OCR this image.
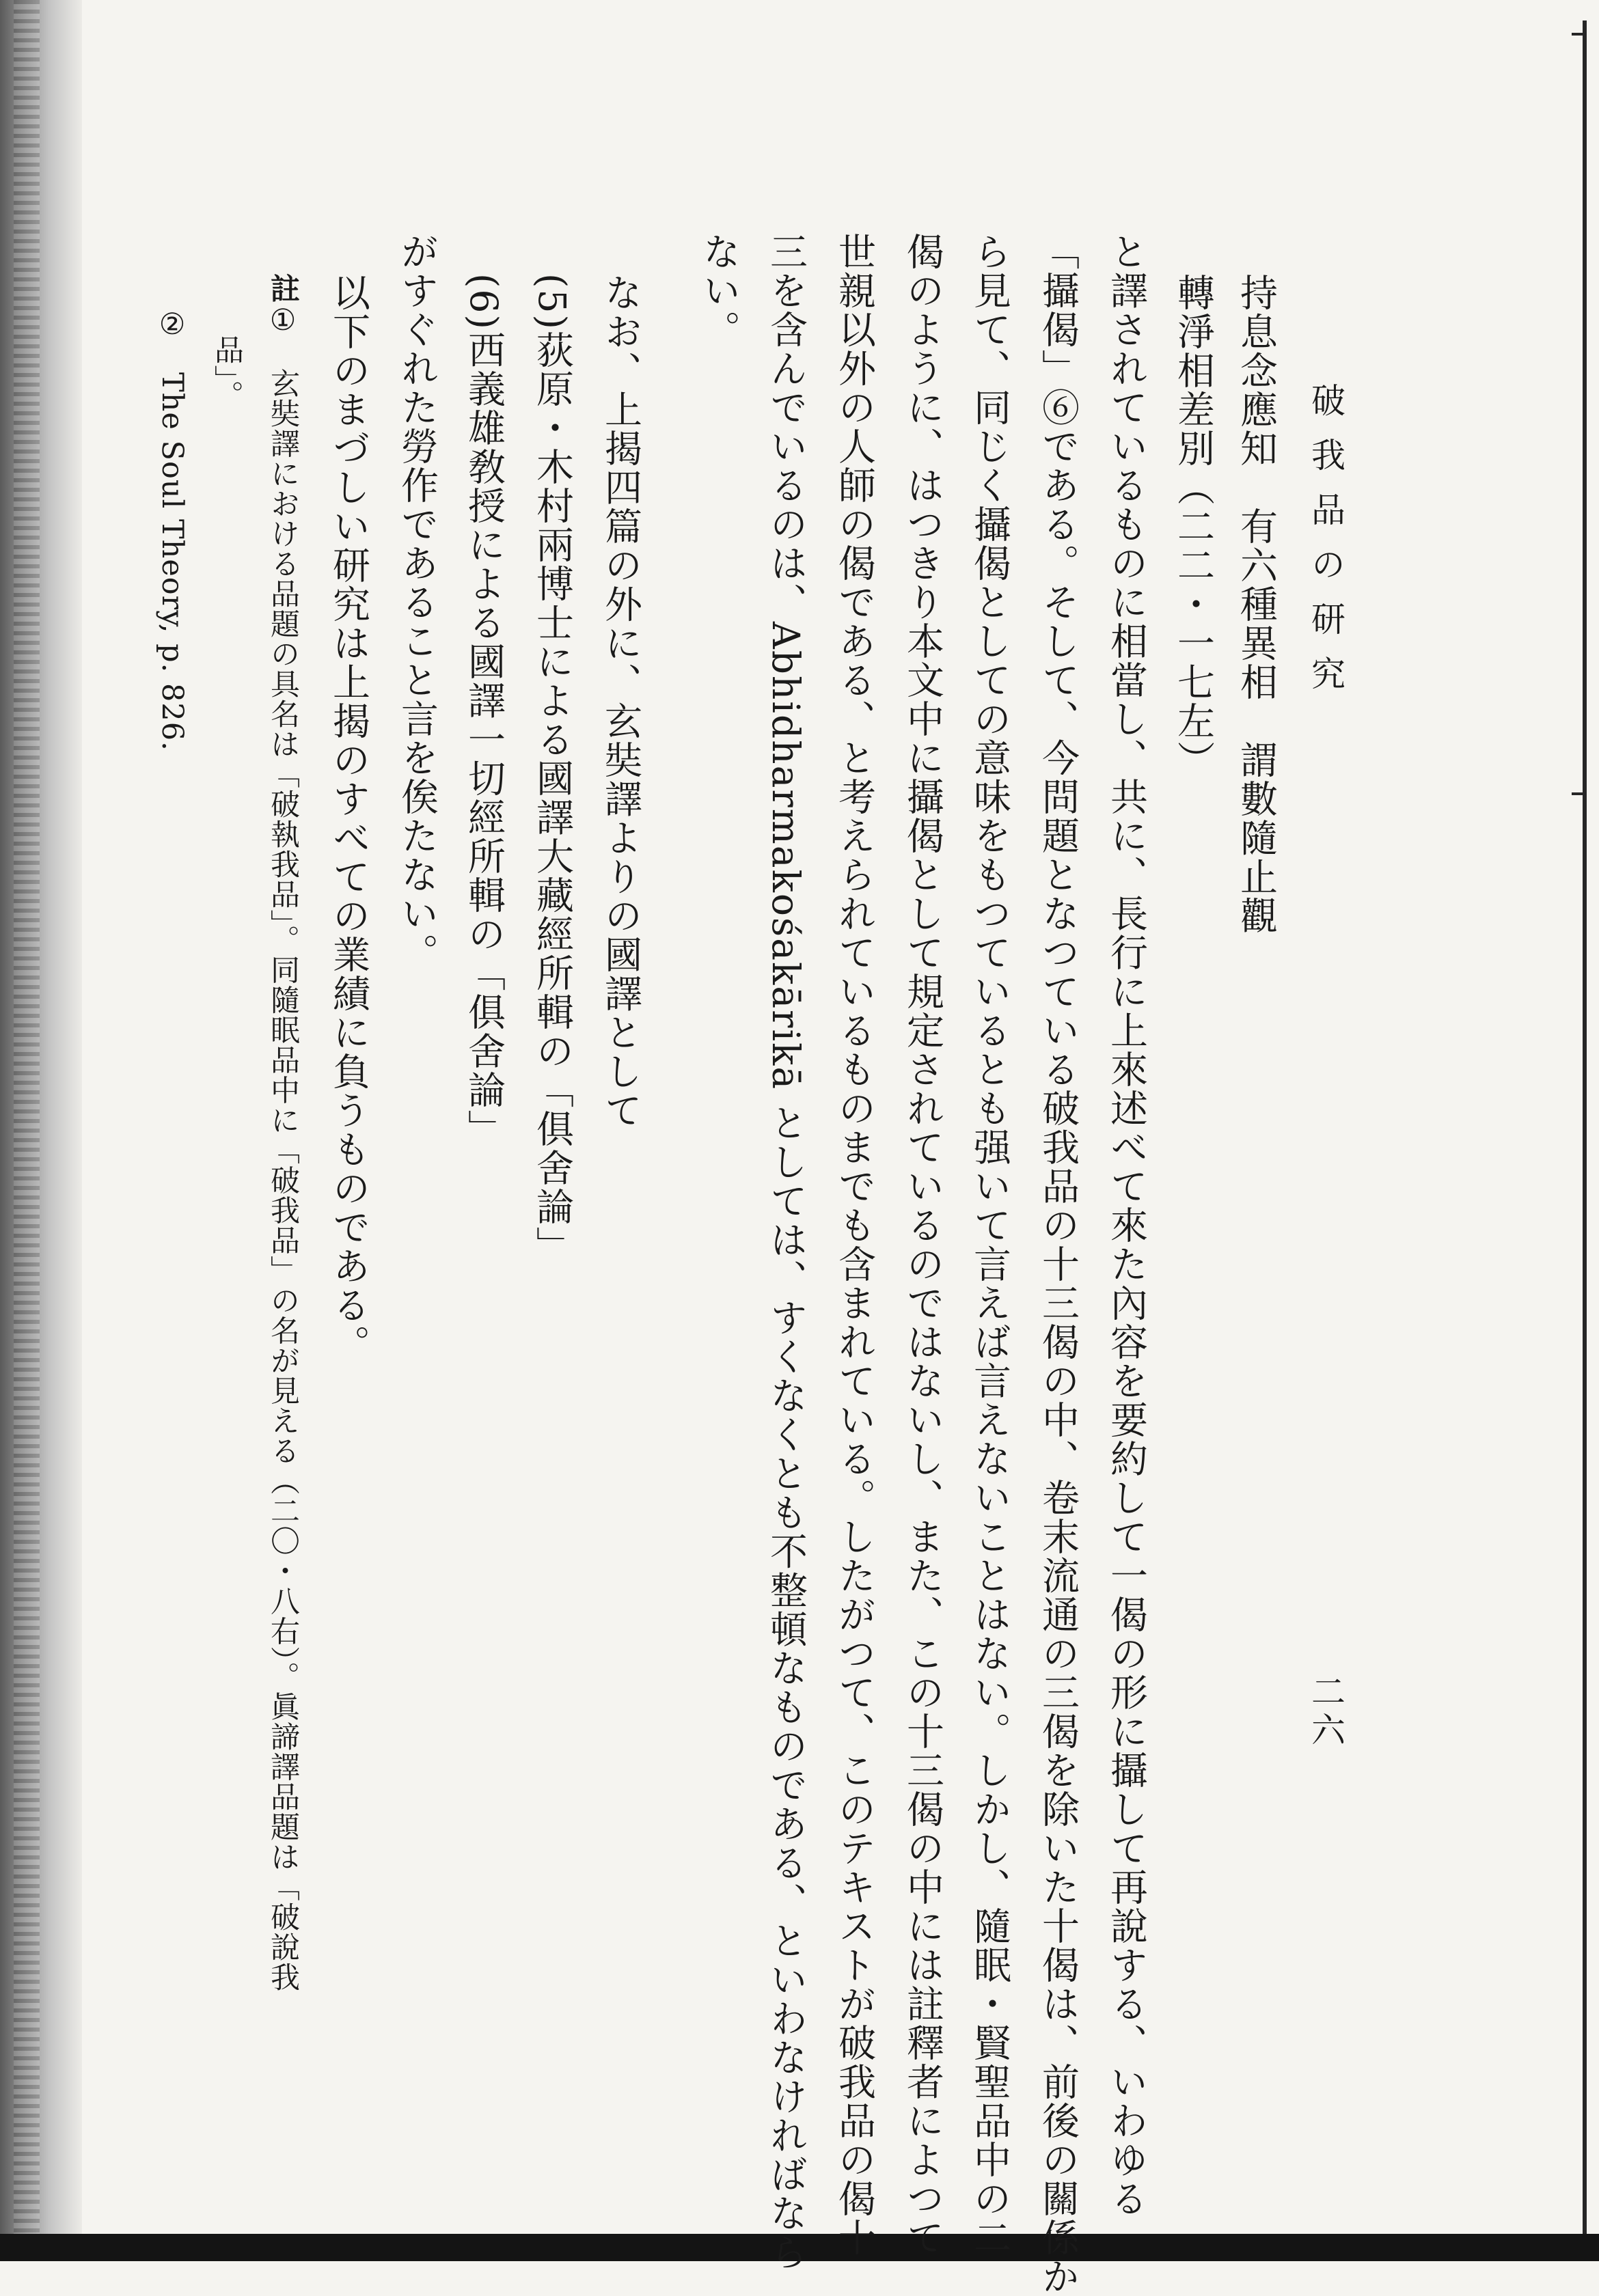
破我品の研究
二六
持息念應知　有六種異相　謂數隨止觀
轉淨相差別（二二・一七左）
と譯されているものに相當し、共に、長行に上來述べて來た內容を要約して一偈の形に攝して再說する、いわゆる
「攝偈」⑥である。そして、今問題となつている破我品の十三偈の中、卷末流通の三偈を除いた十偈は、前後の關係か
ら見て、同じく攝偈としての意味をもつているとも强いて言えば言えないことはない。しかし、隨眠・賢聖品中の二
偈のように、はつきり本文中に攝偈として規定されているのではないし、また、この十三偈の中には註釋者によつて
世親以外の人師の偈である、と考えられているものまでも含まれている。したがつて、このテキストが破我品の偈十
三を含んでいるのは、Abhidharmakośakārikā としては、すくなくとも不整頓なものである、といわなければなら
ない。
なお、上揭四篇の外に、玄奘譯よりの國譯として
(5)荻原・木村兩博士による國譯大藏經所輯の「俱舍論」
(6)西義雄敎授による國譯一切經所輯の「俱舍論」
がすぐれた勞作であること言を俟たない。
以下のまづしい研究は上揭のすべての業績に負うものである。
註①　玄奘譯における品題の具名は「破執我品」。同隨眠品中に「破我品」の名が見える（二〇・八右）。眞諦譯品題は「破說我
品」。
②　The Soul Theory, p. 826.
